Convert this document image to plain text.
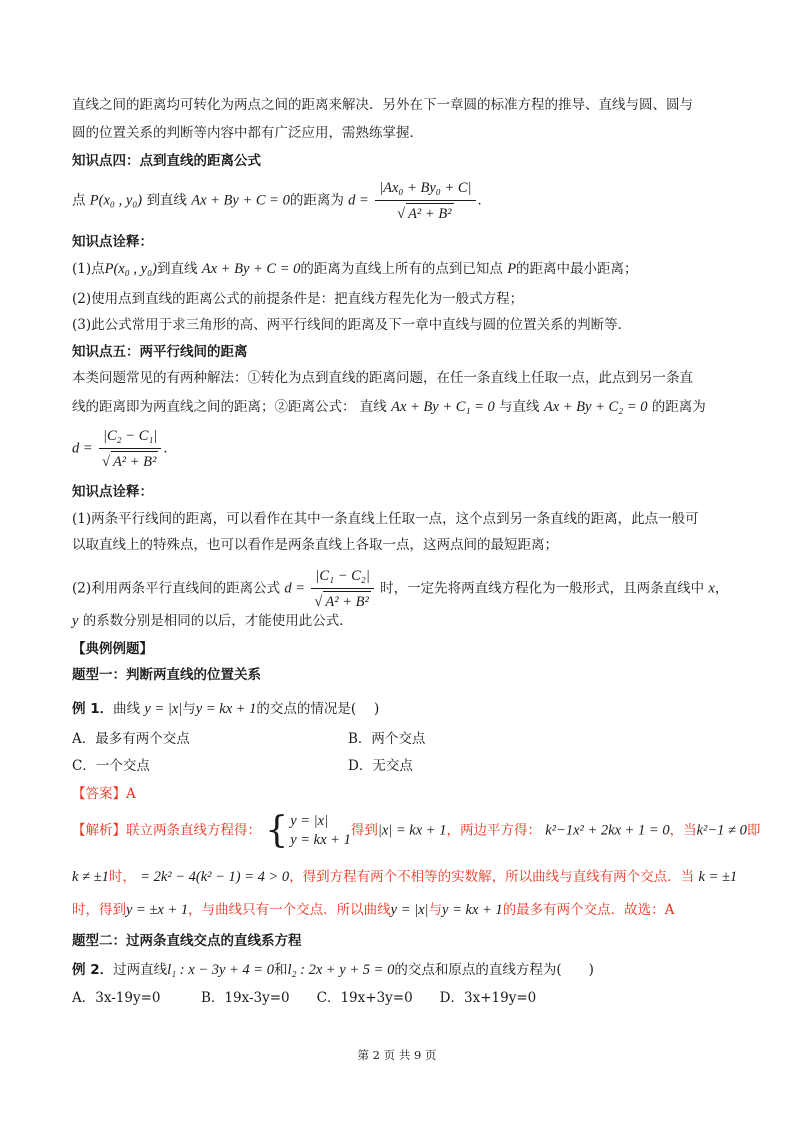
直线之间的距离均可转化为两点之间的距离来解决．另外在下一章圆的标准方程的推导、直线与圆、圆与
圆的位置关系的判断等内容中都有广泛应用，需熟练掌握．
知识点四：点到直线的距离公式
点 P(x₀ , y₀) 到直线 Ax + By + C = 0的距离为 $d = \frac{\text{|Ax₀ + By₀ + C|}}{\text{√ A² + B²}}$ ．
知识点诠释：
(1)点P(x₀ , y₀)到直线 Ax + By + C = 0的距离为直线上所有的点到已知点 P的距离中最小距离；
(2)使用点到直线的距离公式的前提条件是：把直线方程先化为一般式方程；
(3)此公式常用于求三角形的高、两平行线间的距离及下一章中直线与圆的位置关系的判断等．
知识点五：两平行线间的距离
本类问题常见的有两种解法：①转化为点到直线的距离问题，在任一条直线上任取一点，此点到另一条直
线的距离即为两直线之间的距离；②距离公式： 直线 Ax + By + C₁ = 0 与直线 Ax + By + C₂ = 0 的距离为
$d = \frac{\text{|C₂ − C₁|}}{\text{√ A² + B²}}$ ．
知识点诠释：
(1)两条平行线间的距离，可以看作在其中一条直线上任取一点，这个点到另一条直线的距离，此点一般可
以取直线上的特殊点，也可以看作是两条直线上各取一点，这两点间的最短距离；
(2)利用两条平行直线间的距离公式 $d = \frac{\text{|C₁ − C₂|}}{\text{√ A² + B²}}$ 时，一定先将两直线方程化为一般形式，且两条直线中 x，
y 的系数分别是相同的以后，才能使用此公式．
【典例例题】
题型一：判断两直线的位置关系
例 1．曲线 y = |x|与y = kx + 1的交点的情况是(　 )
A．最多有两个交点	B．两个交点
C．一个交点	D．无交点
【答案】A
【解析】联立两条直线方程得： { y = |x|
y = kx + 1
得到|x| = kx + 1，两边平方得： k²−1x² + 2kx + 1 = 0，当k²−1 ≠ 0即
k ≠ ±1时， = 2k² − 4(k² − 1) = 4 > 0，得到方程有两个不相等的实数解，所以曲线与直线有两个交点．当 k = ±1
时，得到y = ±x + 1，与曲线只有一个交点．所以曲线y = |x|与y = kx + 1的最多有两个交点．故选：A
题型二：过两条直线交点的直线系方程
例 2．过两直线l₁ : x − 3y + 4 = 0和l₂ : 2x + y + 5 = 0的交点和原点的直线方程为(　　)
A．3x-19y=0　　　B．19x-3y=0　　C．19x+3y=0　　D．3x+19y=0
第 2 页 共 9 页
